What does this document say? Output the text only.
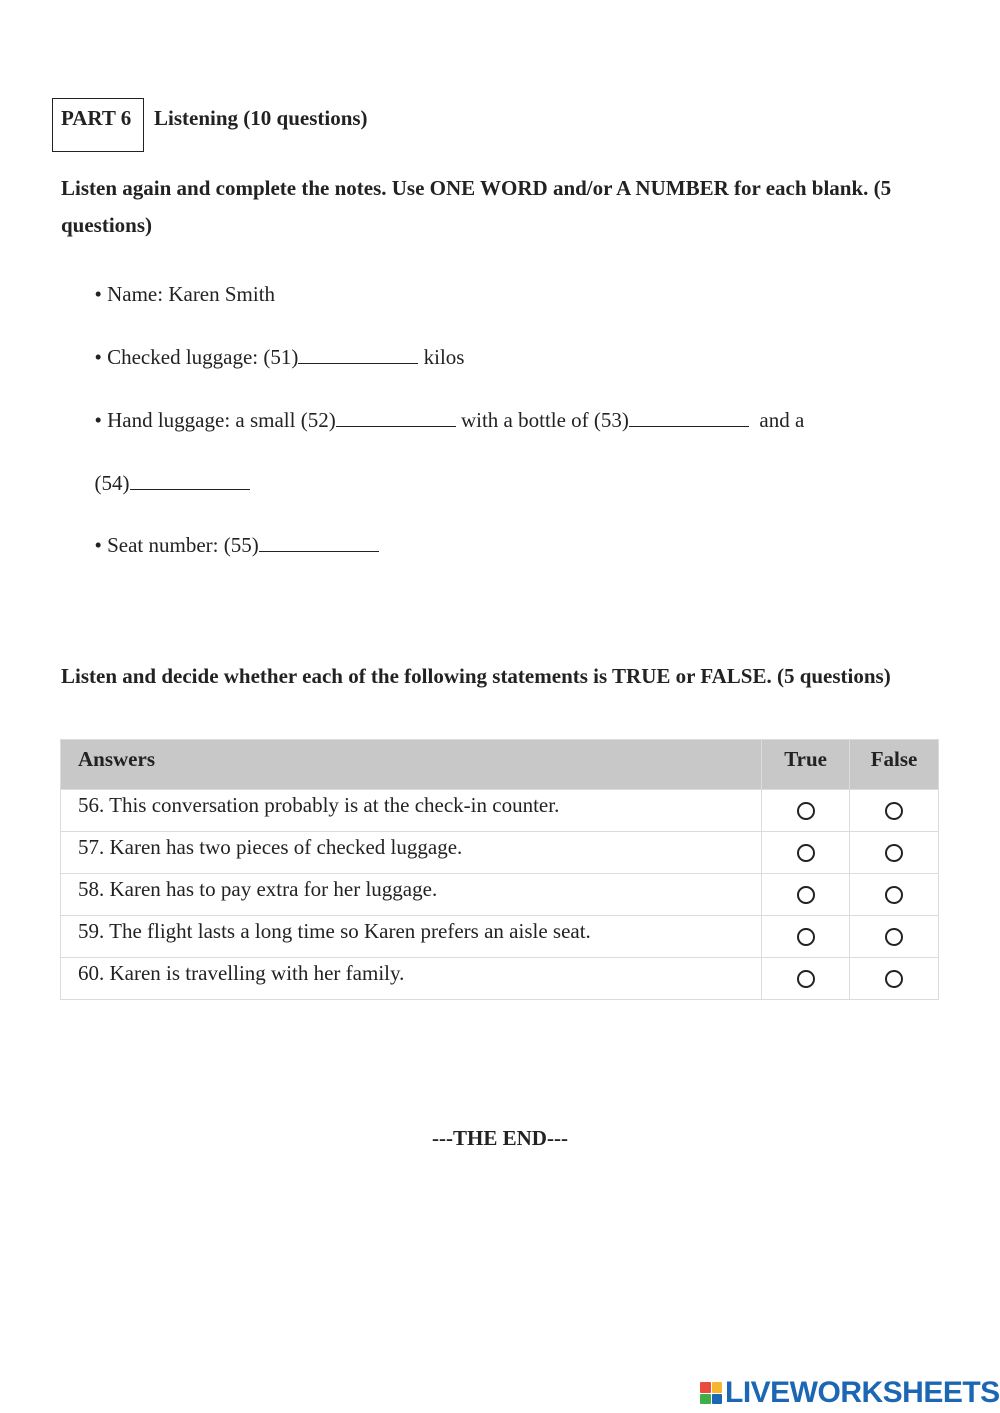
PART 6 Listening (10 questions)
Listen again and complete the notes. Use ONE WORD and/or A NUMBER for each blank. (5 questions)

• Name: Karen Smith

• Checked luggage: (51)	kilos

• Hand luggage: a small (52)	with a bottle of (53)	and a

(54)

• Seat number: (55)

Listen and decide whether each of the following statements is TRUE or FALSE. (5 questions)
Answers	True	False
56. This conversation probably is at the check-in counter.		
57. Karen has two pieces of checked luggage.		
58. Karen has to pay extra for her luggage.		
59. The flight lasts a long time so Karen prefers an aisle seat.		
60. Karen is travelling with her family.		
---THE END---
LIVEWORKSHEETS
